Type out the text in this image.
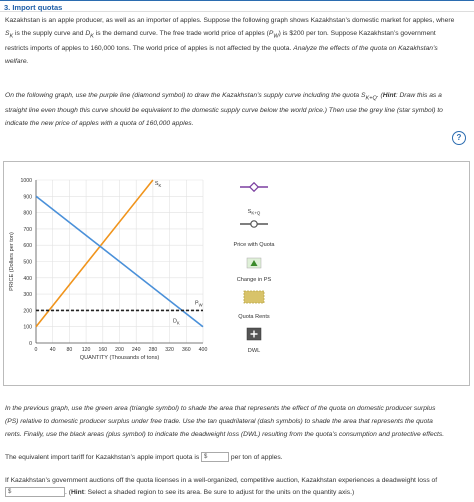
3. Import quotas
Kazakhstan is an apple producer, as well as an importer of apples. Suppose the following graph shows Kazakhstan’s domestic market for apples, where
$S_K$ is the supply curve and $D_K$ is the demand curve. The free trade world price of apples $(P_W)$ is $200 per ton. Suppose Kazakhstan’s government
restricts imports of apples to 160,000 tons. The world price of apples is not affected by the quota. Analyze the effects of the quota on Kazakhstan’s
welfare.
On the following graph, use the purple line (diamond symbol) to draw the Kazakhstan’s supply curve including the quota $S_{K+Q}$. (Hint: Draw this as a
straight line even though this curve should be equivalent to the domestic supply curve below the world price.) Then use the grey line (star symbol) to
indicate the new price of apples with a quota of 160,000 apples.
?
0
100
200
300
400
500
600
700
800
900
1000
0 40 80 120 160 200 240 280 320 360 400
PRICE (Dollars per ton)
QUANTITY (Thousands of tons)
$S_K$
$D_K$
$P_W$
$S_{K+Q}$
Price with Quota
Change in PS
Quota Rents
DWL
In the previous graph, use the green area (triangle symbol) to shade the area that represents the effect of the quota on domestic producer surplus
(PS) relative to domestic producer surplus under free trade. Use the tan quadrilateral (dash symbols) to shade the area that represents the quota
rents. Finally, use the black areas (plus symbol) to indicate the deadweight loss (DWL) resulting from the quota’s consumption and protective effects.
The equivalent import tariff for Kazakhstan’s apple import quota is $	per ton of apples.
If Kazakhstan’s government auctions off the quota licenses in a well-organized, competitive auction, Kazakhstan experiences a deadweight loss of
$	. (Hint: Select a shaded region to see its area. Be sure to adjust for the units on the quantity axis.)
